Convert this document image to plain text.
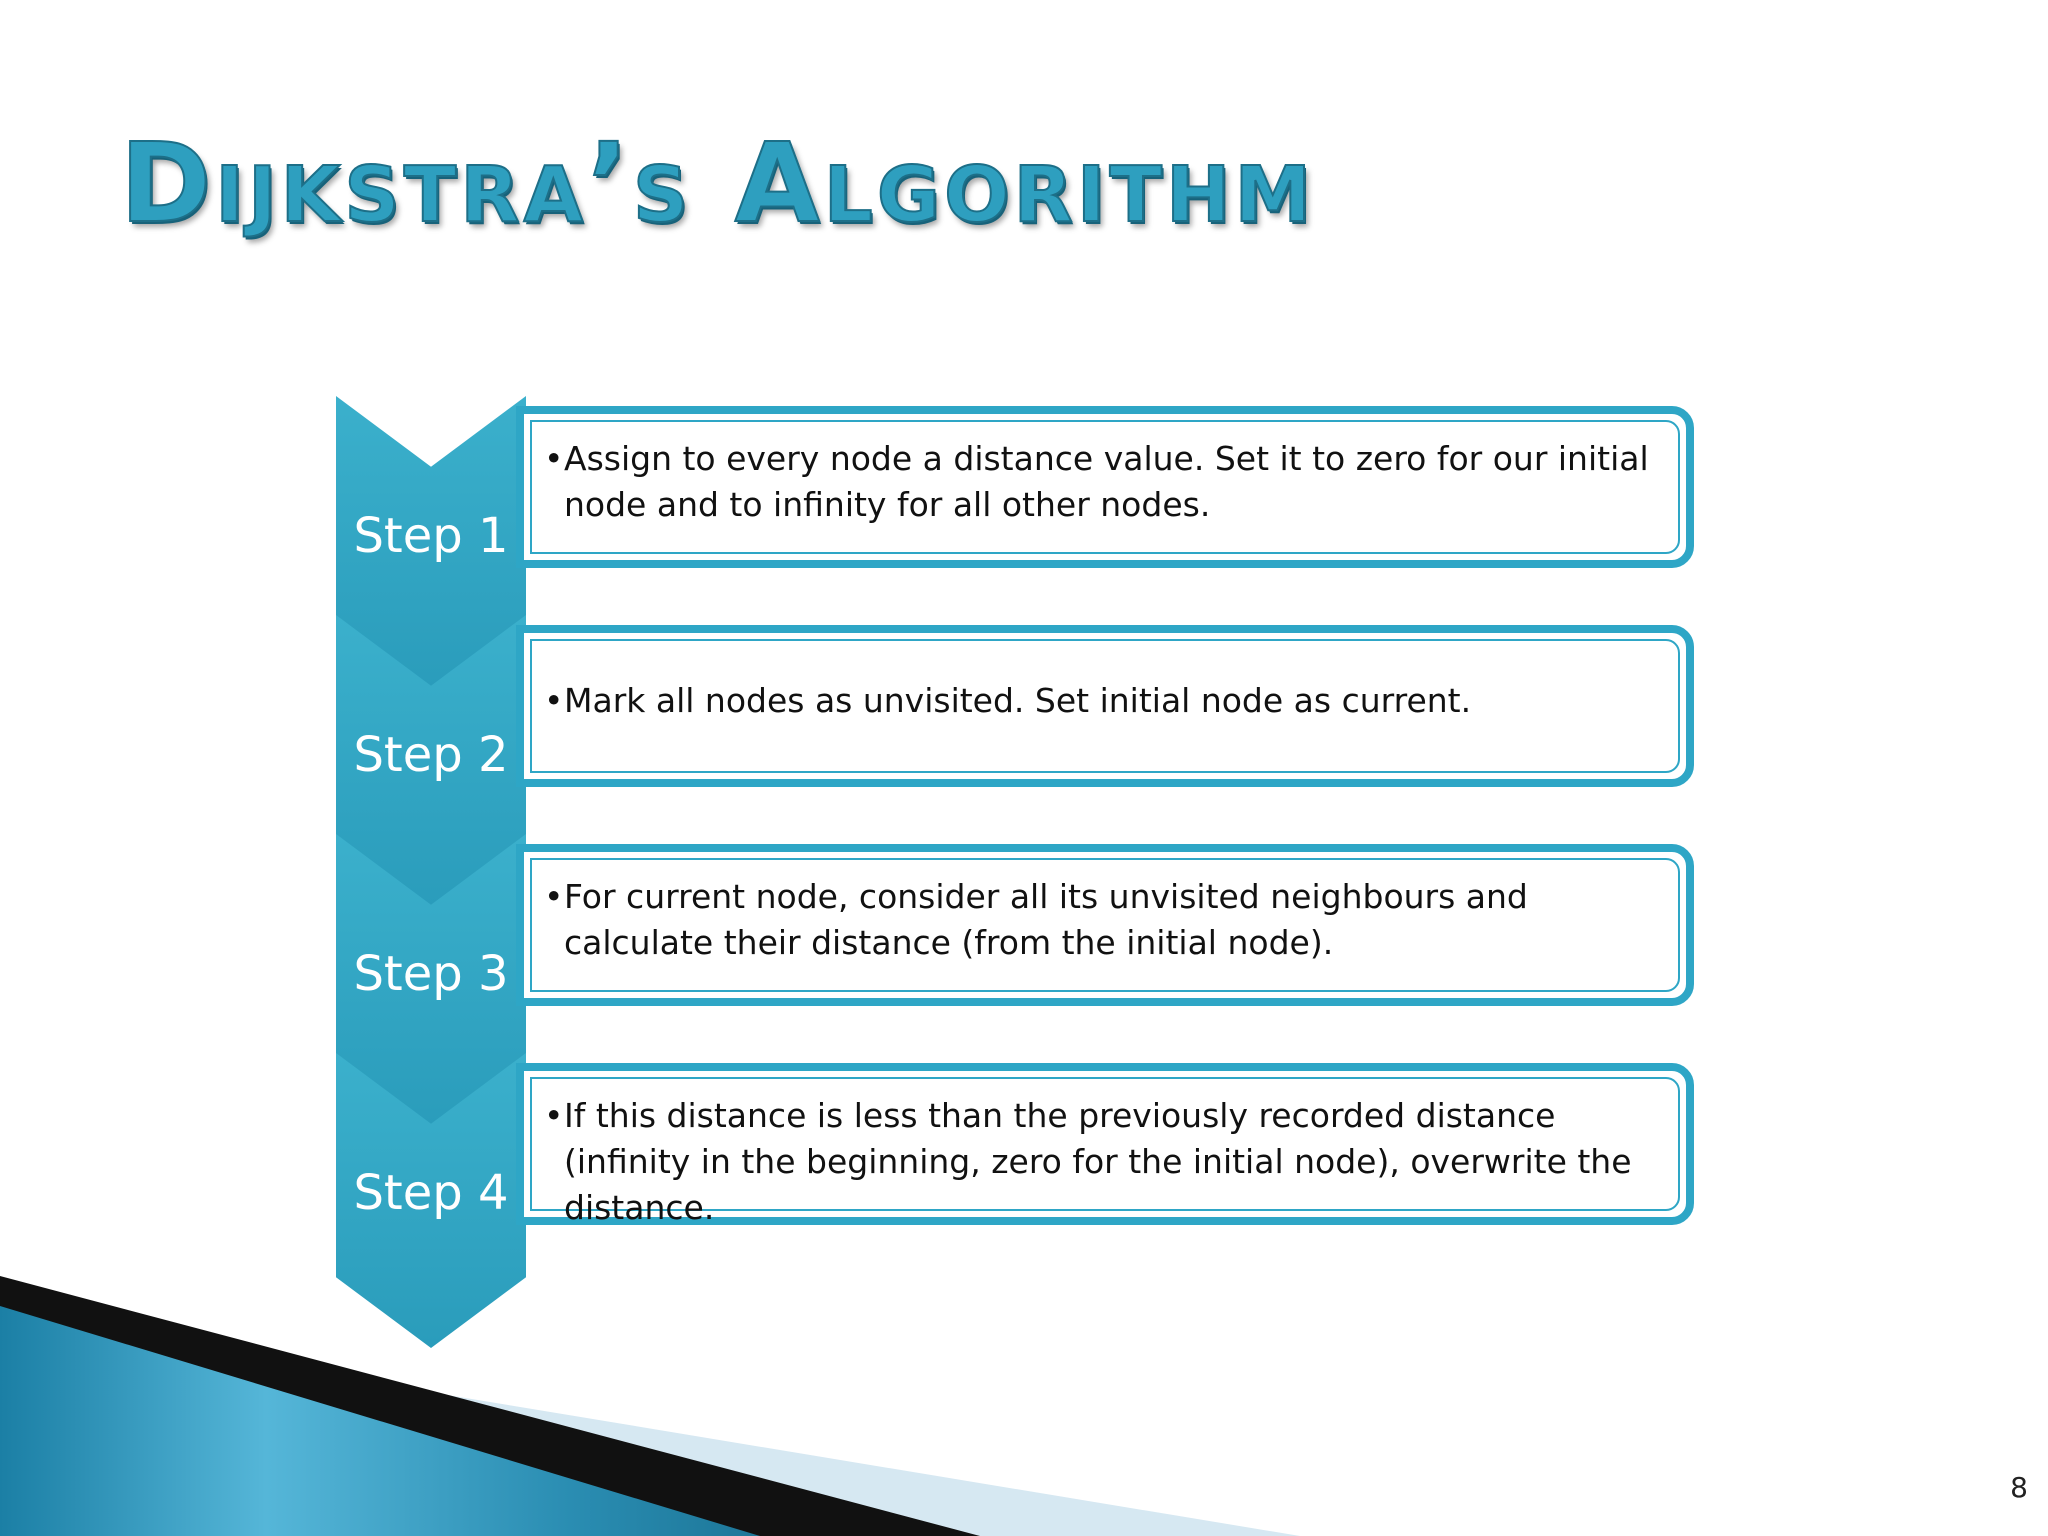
Dijkstra’s Algorithm
Step 1

•Assign to every node a distance value. Set it to zero for our initial node and to infinity for all other nodes.

Step 2

•Mark all nodes as unvisited. Set initial node as current.

Step 3

•For current node, consider all its unvisited neighbours and calculate their distance (from the initial node).

Step 4

•If this distance is less than the previously recorded distance (infinity in the beginning, zero for the initial node), overwrite the distance.

8
